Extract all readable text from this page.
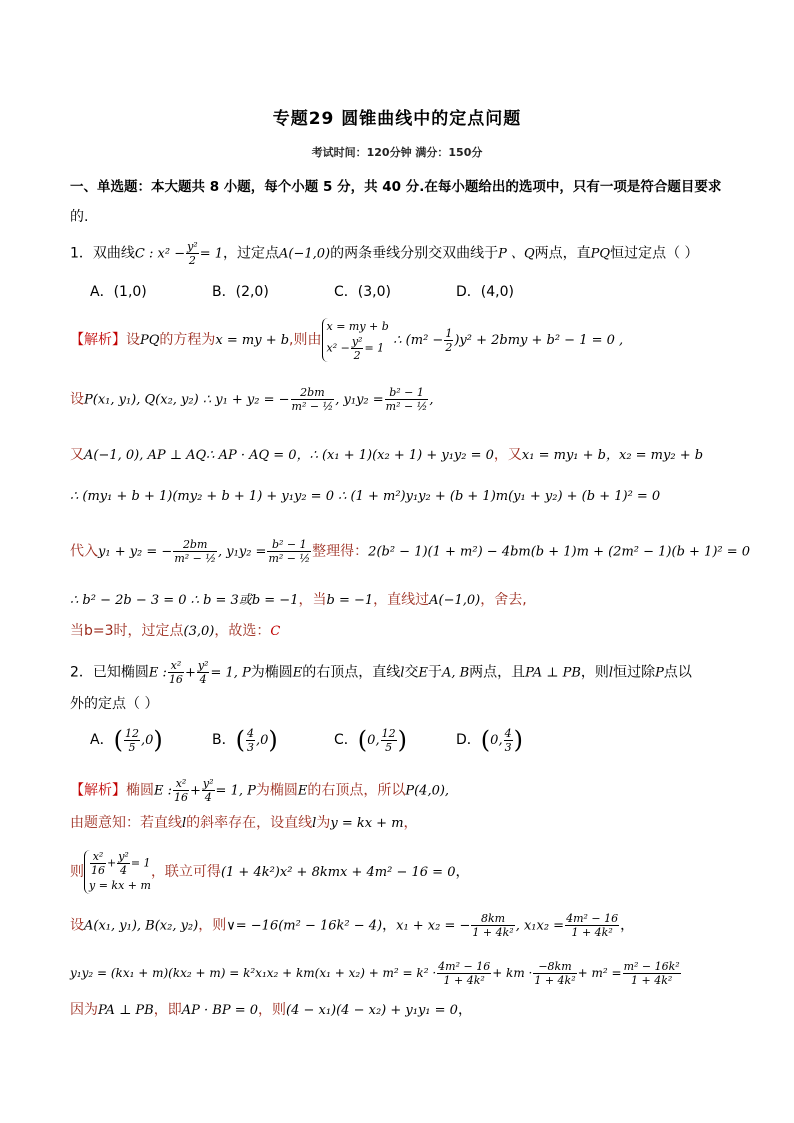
专题29 圆锥曲线中的定点问题
考试时间：120分钟 满分：150分
一、单选题：本大题共 8 小题，每个小题 5 分，共 40 分.在每小题给出的选项中，只有一项是符合题目要求
的.
1．双曲线C : $x^2 - \frac{\text{y²}}{2} = 1$，过定点A(−1,0)的两条垂线分别交双曲线于P 、Q两点，直PQ恒过定点（ ）
A．(1,0)	B．(2,0)	C．(3,0)	D．(4,0)
【解析】设PQ的方程为x = my + b,则由
x = my + b
$x^2 - \frac{\text{y²}}{2} = 1$ ∴ $(m^2 - \frac{1}{2} )y^2 + 2bmy + b^2 - 1 = 0$ ,
设P(x₁, y₁), Q(x₂, y₂) ∴ y₁ + y₂ = − $\frac{2bm}{\text{m² − ½}}$ , $y_1y_2 = \frac{\text{b² − 1}}{\text{m² − ½}}$ ,
又A(−1, 0), AP ⊥ AQ∴ AP · AQ = 0，∴ (x₁ + 1)(x₂ + 1) + y₁y₂ = 0，又x₁ = my₁ + b，x₂ = my₂ + b
∴ (my₁ + b + 1)(my₂ + b + 1) + y₁y₂ = 0 ∴ (1 + m²)y₁y₂ + (b + 1)m(y₁ + y₂) + (b + 1)² = 0
代入y₁ + y₂ = − $\frac{2bm}{\text{m² − ½}}$ , $y_1y_2 = \frac{\text{b² − 1}}{\text{m² − ½}}$ 整理得：2(b² − 1)(1 + m²) − 4bm(b + 1)m + (2m² − 1)(b + 1)² = 0
∴ b² − 2b − 3 = 0 ∴ b = 3或b = −1，当b = −1，直线过A(−1,0)，舍去,
当b=3时，过定点(3,0)，故选：C
2．已知椭圆E : $\frac{\text{x²}}{16} + \frac{\text{y²}}{4} = 1$, P为椭圆E的右顶点，直线l交E于A, B两点，且PA ⊥ PB，则l恒过除P点以
外的定点（ ）
A．( $\frac{12}{5} ,0$)	B．( $\frac{4}{3} ,0$)	C．(0, $\frac{12}{5}$ )	D．(0, $\frac{4}{3}$ )
【解析】椭圆E : $\frac{\text{x²}}{16} + \frac{\text{y²}}{4} = 1$, P为椭圆E的右顶点，所以P(4,0),
由题意知：若直线l的斜率存在，设直线l为y = kx + m，
则 $\frac{\text{x²}}{16} + \frac{\text{y²}}{4} = 1$
y = kx + m
，联立可得(1 + 4k²)x² + 8kmx + 4m² − 16 = 0，
设A(x₁, y₁), B(x₂, y₂)，则∨= −16(m² − 16k² − 4)，x₁ + x₂ = − $\frac{8km}{\text{1 + 4k²}}$ , $x_1x_2 = \frac{\text{4m² − 16}}{\text{1 + 4k²}}$ ，
$y_1y_2 = (kx_1 + m)(kx_2 + m) = k^2x_1x_2 + km(x_1 + x_2) + m^2 = k^2 \cdot \frac{\text{4m² − 16}}{\text{1 + 4k²}}$ + km · $\frac{-8km}{\text{1 + 4k²}} + m^2 = \frac{\text{m² − 16k²}}{\text{1 + 4k²}}$
因为PA ⊥ PB，即AP · BP = 0，则(4 − x₁)(4 − x₂) + y₁y₁ = 0，
